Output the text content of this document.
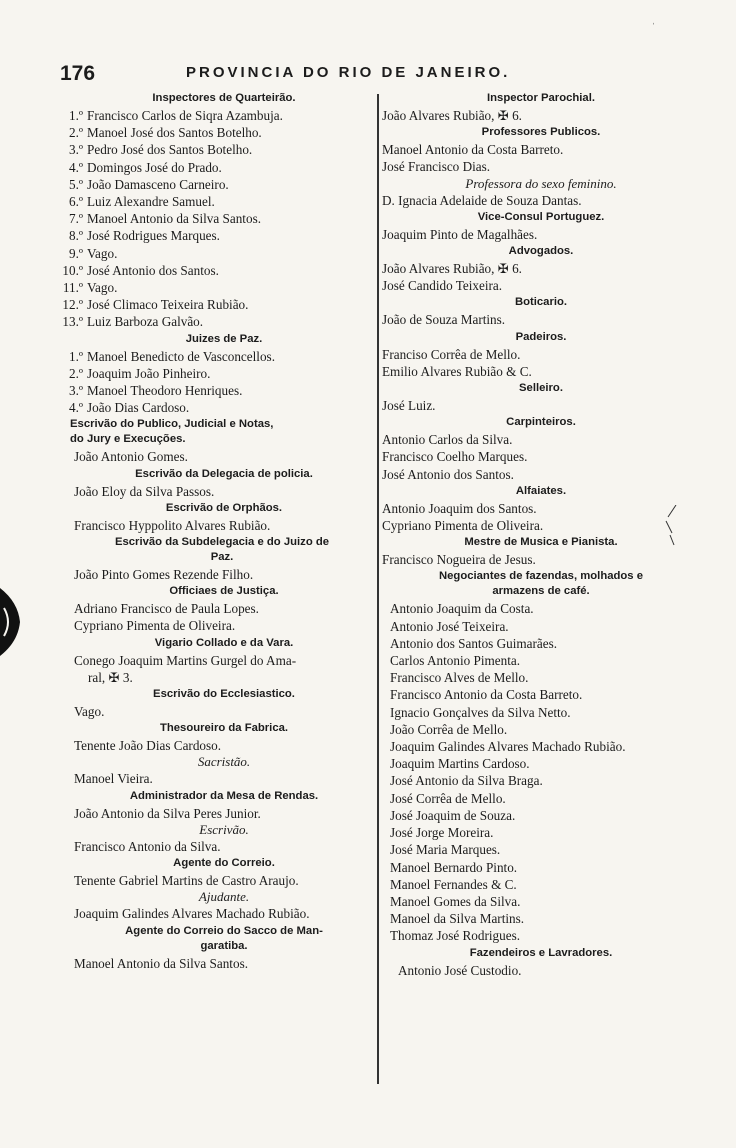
ˈ
176	PROVINCIA DO RIO DE JANEIRO.
Inspectores de Quarteirão.
1.º Francisco Carlos de Siqra Azambuja.
2.º Manoel José dos Santos Botelho.
3.º Pedro José dos Santos Botelho.
4.º Domingos José do Prado.
5.º João Damasceno Carneiro.
6.º Luiz Alexandre Samuel.
7.º Manoel Antonio da Silva Santos.
8.º José Rodrigues Marques.
9.º Vago.
10.º José Antonio dos Santos.
11.º Vago.
12.º José Climaco Teixeira Rubião.
13.º Luiz Barboza Galvão.
Juizes de Paz.
1.º Manoel Benedicto de Vasconcellos.
2.º Joaquim João Pinheiro.
3.º Manoel Theodoro Henriques.
4.º João Dias Cardoso.
Escrivão do Publico, Judicial e Notas,
do Jury e Execuções.
João Antonio Gomes.
Escrivão da Delegacia de policia.
João Eloy da Silva Passos.
Escrivão de Orphãos.
Francisco Hyppolito Alvares Rubião.
Escrivão da Subdelegacia e do Juizo de
Paz.
João Pinto Gomes Rezende Filho.
Officiaes de Justiça.
Adriano Francisco de Paula Lopes.
Cypriano Pimenta de Oliveira.
Vigario Collado e da Vara.
Conego Joaquim Martins Gurgel do Ama-
ral, ✠ 3.
Escrivão do Ecclesiastico.
Vago.
Thesoureiro da Fabrica.
Tenente João Dias Cardoso.
Sacristão.
Manoel Vieira.
Administrador da Mesa de Rendas.
João Antonio da Silva Peres Junior.
Escrivão.
Francisco Antonio da Silva.
Agente do Correio.
Tenente Gabriel Martins de Castro Araujo.
Ajudante.
Joaquim Galindes Alvares Machado Rubião.
Agente do Correio do Sacco de Man-
garatiba.
Manoel Antonio da Silva Santos.
Inspector Parochial.
João Alvares Rubião, ✠ 6.
Professores Publicos.
Manoel Antonio da Costa Barreto.
José Francisco Dias.
Professora do sexo feminino.
D. Ignacia Adelaide de Souza Dantas.
Vice-Consul Portuguez.
Joaquim Pinto de Magalhães.
Advogados.
João Alvares Rubião, ✠ 6.
José Candido Teixeira.
Boticario.
João de Souza Martins.
Padeiros.
Franciso Corrêa de Mello.
Emilio Alvares Rubião & C.
Selleiro.
José Luiz.
Carpinteiros.
Antonio Carlos da Silva.
Francisco Coelho Marques.
José Antonio dos Santos.
Alfaiates.
Antonio Joaquim dos Santos.
Cypriano Pimenta de Oliveira.
Mestre de Musica e Pianista.
Francisco Nogueira de Jesus.
Negociantes de fazendas, molhados e
armazens de café.
Antonio Joaquim da Costa.
Antonio José Teixeira.
Antonio dos Santos Guimarães.
Carlos Antonio Pimenta.
Francisco Alves de Mello.
Francisco Antonio da Costa Barreto.
Ignacio Gonçalves da Silva Netto.
João Corrêa de Mello.
Joaquim Galindes Alvares Machado Rubião.
Joaquim Martins Cardoso.
José Antonio da Silva Braga.
José Corrêa de Mello.
José Joaquim de Souza.
José Jorge Moreira.
José Maria Marques.
Manoel Bernardo Pinto.
Manoel Fernandes & C.
Manoel Gomes da Silva.
Manoel da Silva Martins.
Thomaz José Rodrigues.
Fazendeiros e Lavradores.
Antonio José Custodio.
